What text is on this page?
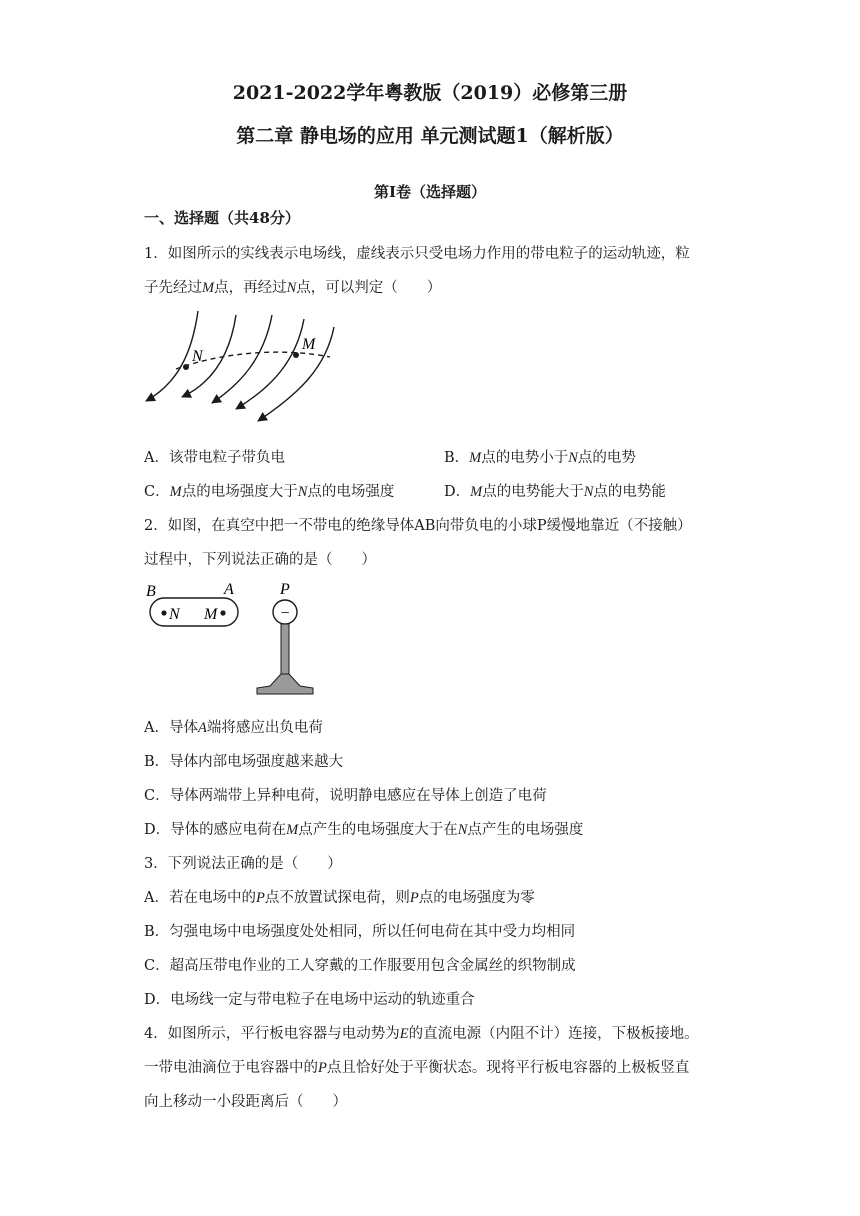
2021-2022学年粤教版（2019）必修第三册
第二章 静电场的应用 单元测试题1（解析版）
第I卷（选择题）
一、选择题（共48分）
1．如图所示的实线表示电场线，虚线表示只受电场力作用的带电粒子的运动轨迹，粒
子先经过M点，再经过N点，可以判定（　　）
N
M
A．该带电粒子带负电	B．M点的电势小于N点的电势
C．M点的电场强度大于N点的电场强度	D．M点的电势能大于N点的电势能
2．如图，在真空中把一不带电的绝缘导体AB向带负电的小球P缓慢地靠近（不接触）
过程中，下列说法正确的是（　　）
B	A
N M
P
−
A．导体A端将感应出负电荷
B．导体内部电场强度越来越大
C．导体两端带上异种电荷，说明静电感应在导体上创造了电荷
D．导体的感应电荷在M点产生的电场强度大于在N点产生的电场强度
3．下列说法正确的是（　　）
A．若在电场中的P点不放置试探电荷，则P点的电场强度为零
B．匀强电场中电场强度处处相同，所以任何电荷在其中受力均相同
C．超高压带电作业的工人穿戴的工作服要用包含金属丝的织物制成
D．电场线一定与带电粒子在电场中运动的轨迹重合
4．如图所示，平行板电容器与电动势为E的直流电源（内阻不计）连接，下极板接地。
一带电油滴位于电容器中的P点且恰好处于平衡状态。现将平行板电容器的上极板竖直
向上移动一小段距离后（　　）
